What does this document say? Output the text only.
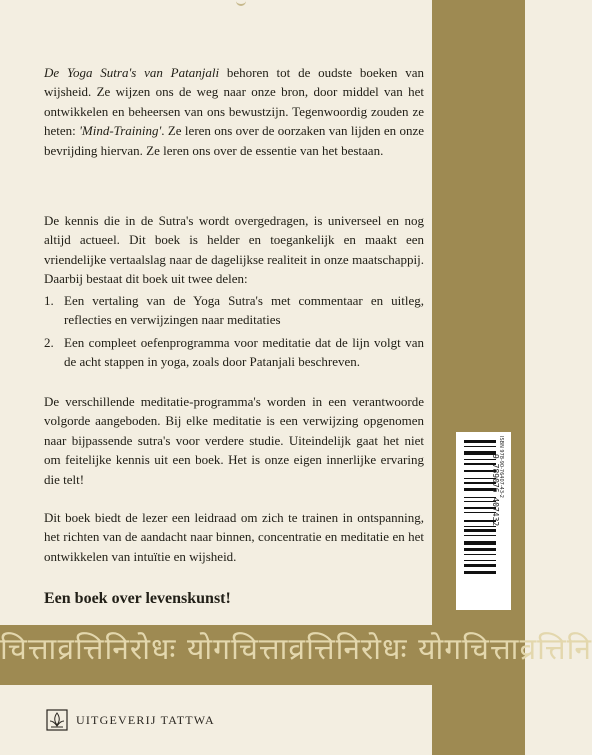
De Yoga Sutra's van Patanjali behoren tot de oudste boeken van wijsheid. Ze wijzen ons de weg naar onze bron, door middel van het ontwikkelen en beheersen van ons bewustzijn. Tegenwoordig zouden ze heten: 'Mind-Training'. Ze leren ons over de oorzaken van lijden en onze bevrijding hiervan. Ze leren ons over de essentie van het bestaan.

De kennis die in de Sutra's wordt overgedragen, is universeel en nog altijd actueel. Dit boek is helder en toegankelijk en maakt een vriendelijke vertaalslag naar de dagelijkse realiteit in onze maatschappij. Daarbij bestaat dit boek uit twee delen:

1. Een vertaling van de Yoga Sutra's met commentaar en uitleg, reflecties en verwijzingen naar meditaties
2. Een compleet oefenprogramma voor meditatie dat de lijn volgt van de acht stappen in yoga, zoals door Patanjali beschreven.

De verschillende meditatie-programma's worden in een verantwoorde volgorde aangeboden. Bij elke meditatie is een verwijzing opgenomen naar bijpassende sutra's voor verdere studie. Uiteindelijk gaat het niet om feitelijke kennis uit een boek. Het is onze eigen innerlijke ervaring die telt!

Dit boek biedt de lezer een leidraad om zich te trainen in ontspanning, het richten van de aandacht naar binnen, concentratie en meditatie en het ontwikkelen van intuïtie en wijsheid.

Een boek over levenskunst!

ISBN 978-90-76407-43-2
9 789076 407432
चित्ताव्रत्तिनिरोधः योगचित्ताव्रत्तिनिरोधः योगचित्ताव्रत्तिनि
UITGEVERIJ TATTWA
